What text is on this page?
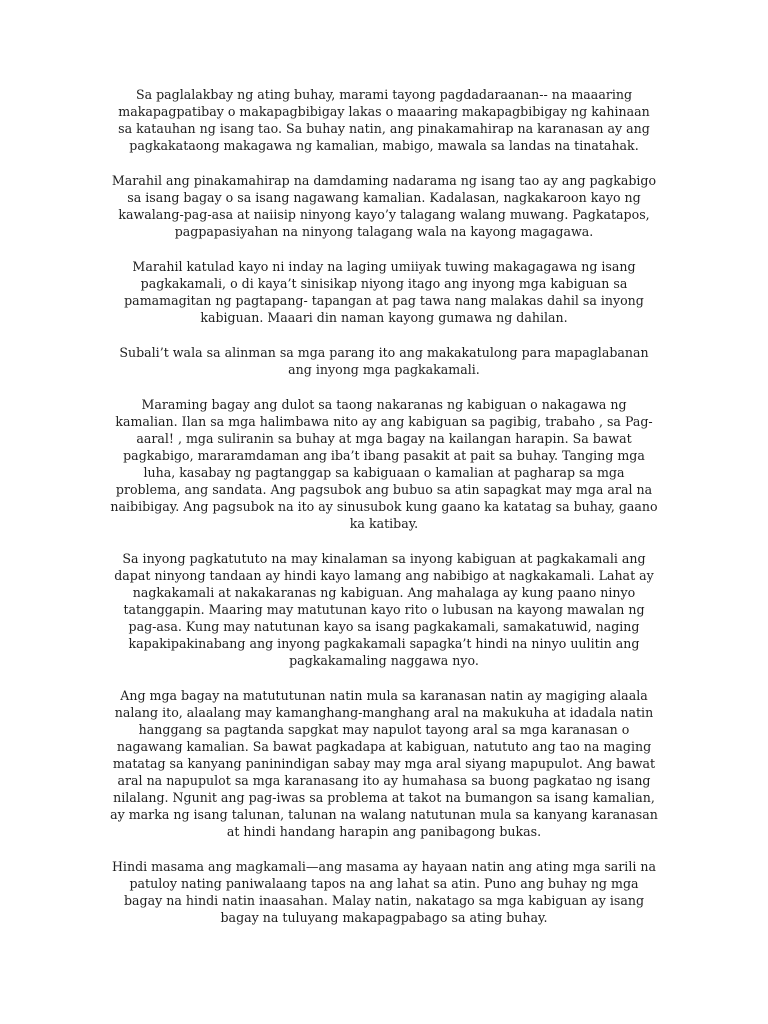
Sa paglalakbay ng ating buhay, marami tayong pagdadaraanan-- na maaaring makapagpatibay o makapagbibigay lakas o maaaring makapagbibigay ng kahinaan sa katauhan ng isang tao. Sa buhay natin, ang pinakamahirap na karanasan ay ang pagkakataong makagawa ng kamalian, mabigo, mawala sa landas na tinatahak.

Marahil ang pinakamahirap na damdaming nadarama ng isang tao ay ang pagkabigo sa isang bagay o sa isang nagawang kamalian. Kadalasan, nagkakaroon kayo ng kawalang-pag-asa at naiisip ninyong kayo’y talagang walang muwang. Pagkatapos, pagpapasiyahan na ninyong talagang wala na kayong magagawa.

Marahil katulad kayo ni inday na laging umiiyak tuwing makagagawa ng isang pagkakamali, o di kaya’t sinisikap niyong itago ang inyong mga kabiguan sa pamamagitan ng pagtapang- tapangan at pag tawa nang malakas dahil sa inyong kabiguan. Maaari din naman kayong gumawa ng dahilan.

Subali’t wala sa alinman sa mga parang ito ang makakatulong para mapaglabanan ang inyong mga pagkakamali.

Maraming bagay ang dulot sa taong nakaranas ng kabiguan o nakagawa ng kamalian. Ilan sa mga halimbawa nito ay ang kabiguan sa pagibig, trabaho , sa Pag-aaral! , mga suliranin sa buhay at mga bagay na kailangan harapin. Sa bawat pagkabigo, mararamdaman ang iba’t ibang pasakit at pait sa buhay. Tanging mga luha, kasabay ng pagtanggap sa kabiguaan o kamalian at pagharap sa mga problema, ang sandata. Ang pagsubok ang bubuo sa atin sapagkat may mga aral na naibibigay. Ang pagsubok na ito ay sinusubok kung gaano ka katatag sa buhay, gaano ka katibay.

Sa inyong pagkatututo na may kinalaman sa inyong kabiguan at pagkakamali ang dapat ninyong tandaan ay hindi kayo lamang ang nabibigo at nagkakamali. Lahat ay nagkakamali at nakakaranas ng kabiguan. Ang mahalaga ay kung paano ninyo tatanggapin. Maaring may matutunan kayo rito o lubusan na kayong mawalan ng pag-asa. Kung may natutunan kayo sa isang pagkakamali, samakatuwid, naging kapakipakinabang ang inyong pagkakamali sapagka’t hindi na ninyo uulitin ang pagkakamaling naggawa nyo.

Ang mga bagay na matututunan natin mula sa karanasan natin ay magiging alaala nalang ito, alaalang may kamanghang-manghang aral na makukuha at idadala natin hanggang sa pagtanda sapgkat may napulot tayong aral sa mga karanasan o nagawang kamalian. Sa bawat pagkadapa at kabiguan, natututo ang tao na maging matatag sa kanyang paninindigan sabay may mga aral siyang mapupulot. Ang bawat aral na napupulot sa mga karanasang ito ay humahasa sa buong pagkatao ng isang nilalang. Ngunit ang pag-iwas sa problema at takot na bumangon sa isang kamalian, ay marka ng isang talunan, talunan na walang natutunan mula sa kanyang karanasan at hindi handang harapin ang panibagong bukas.

Hindi masama ang magkamali—ang masama ay hayaan natin ang ating mga sarili na patuloy nating paniwalaang tapos na ang lahat sa atin. Puno ang buhay ng mga bagay na hindi natin inaasahan. Malay natin, nakatago sa mga kabiguan ay isang bagay na tuluyang makapagpabago sa ating buhay.
